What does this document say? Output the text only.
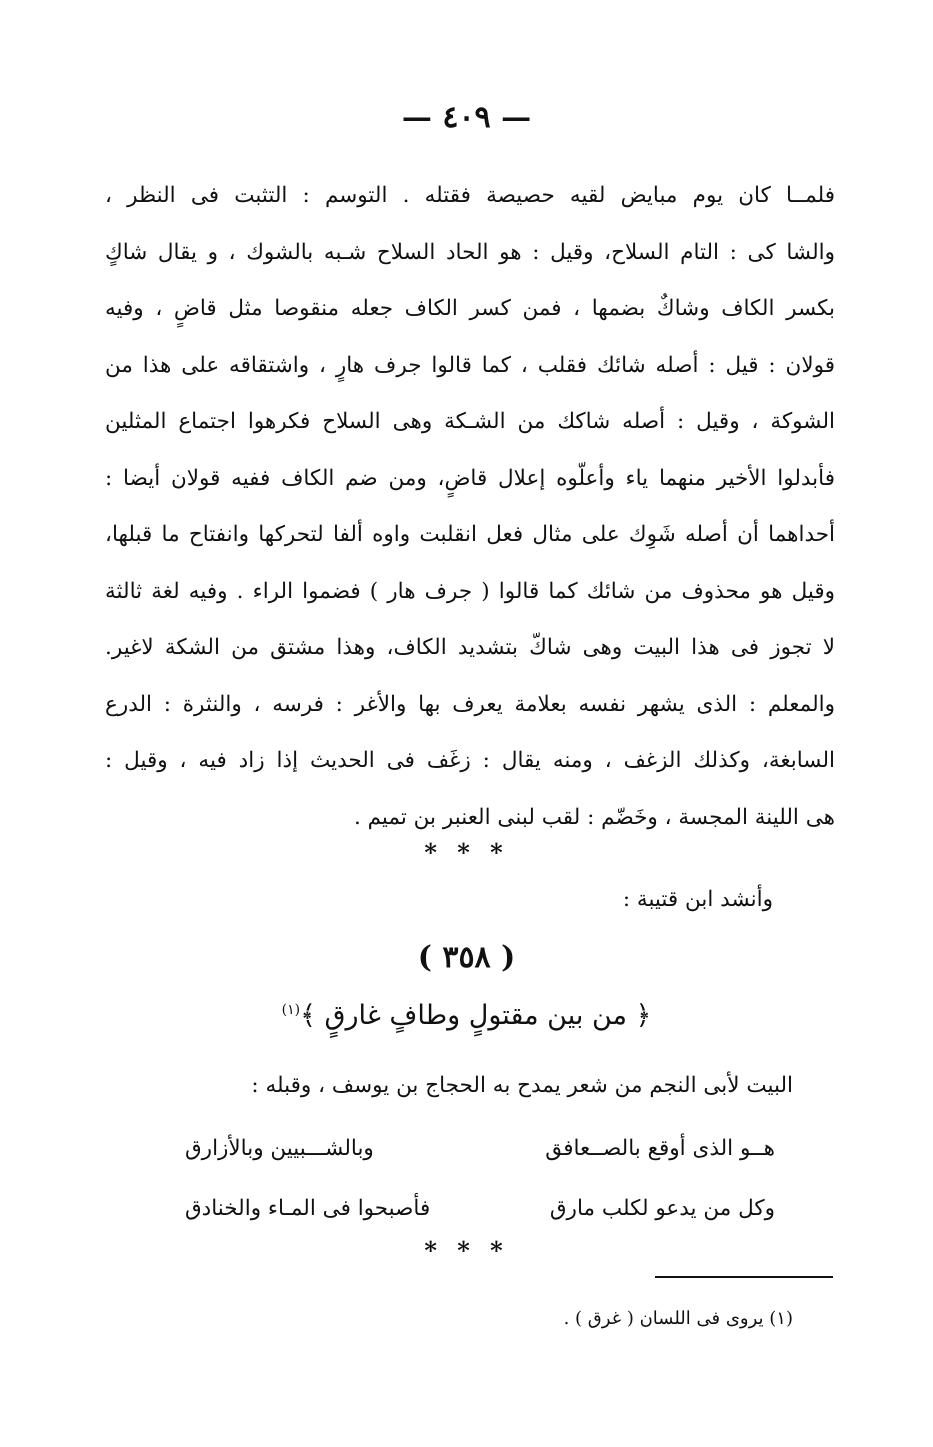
— ٤٠٩ —
فلمــا كان يوم مبايض لقيه حصيصة فقتله . التوسم : التثبت فى النظر ،
والشا كى : التام السلاح، وقيل : هو الحاد السلاح شـبه بالشوك ، و يقال شاكٍ
بكسر الكاف وشاكٌ بضمها ، فمن كسر الكاف جعله منقوصا مثل قاضٍ ، وفيه
قولان : قيل : أصله شائك فقلب ، كما قالوا جرف هارٍ ، واشتقاقه على هذا من
الشوكة ، وقيل : أصله شاكك من الشـكة وهى السلاح فكرهوا اجتماع المثلين
فأبدلوا الأخير منهما ياء وأعلّوه إعلال قاضٍ، ومن ضم الكاف ففيه قولان أيضا :
أحداهما أن أصله شَوِك على مثال فعل انقلبت واوه ألفا لتحركها وانفتاح ما قبلها،
وقيل هو محذوف من شائك كما قالوا ( جرف هار ) فضموا الراء . وفيه لغة ثالثة
لا تجوز فى هذا البيت وهى شاكّ بتشديد الكاف، وهذا مشتق من الشكة لاغير.
والمعلم : الذى يشهر نفسه بعلامة يعرف بها والأغر : فرسه ، والنثرة : الدرع
السابغة، وكذلك الزغف ، ومنه يقال : زغَف فى الحديث إذا زاد فيه ، وقيل :
هى اللينة المجسة ، وخَضّم : لقب لبنى العنبر بن تميم .
* * *
وأنشد ابن قتيبة :
( ٣٥٨ )
﴿ من بين مقتولٍ وطافٍ غارقٍ ﴾$^{(١)}$
البيت لأبى النجم من شعر يمدح به الحجاج بن يوسف ، وقبله :
هــو الذى أوقع بالصــعافق
وبالشـــبيين وبالأزارق
وكل من يدعو لكلب مارق
فأصبحوا فى المـاء والخنادق
* * *
(١) يروى فى اللسان ( غرق ) .
